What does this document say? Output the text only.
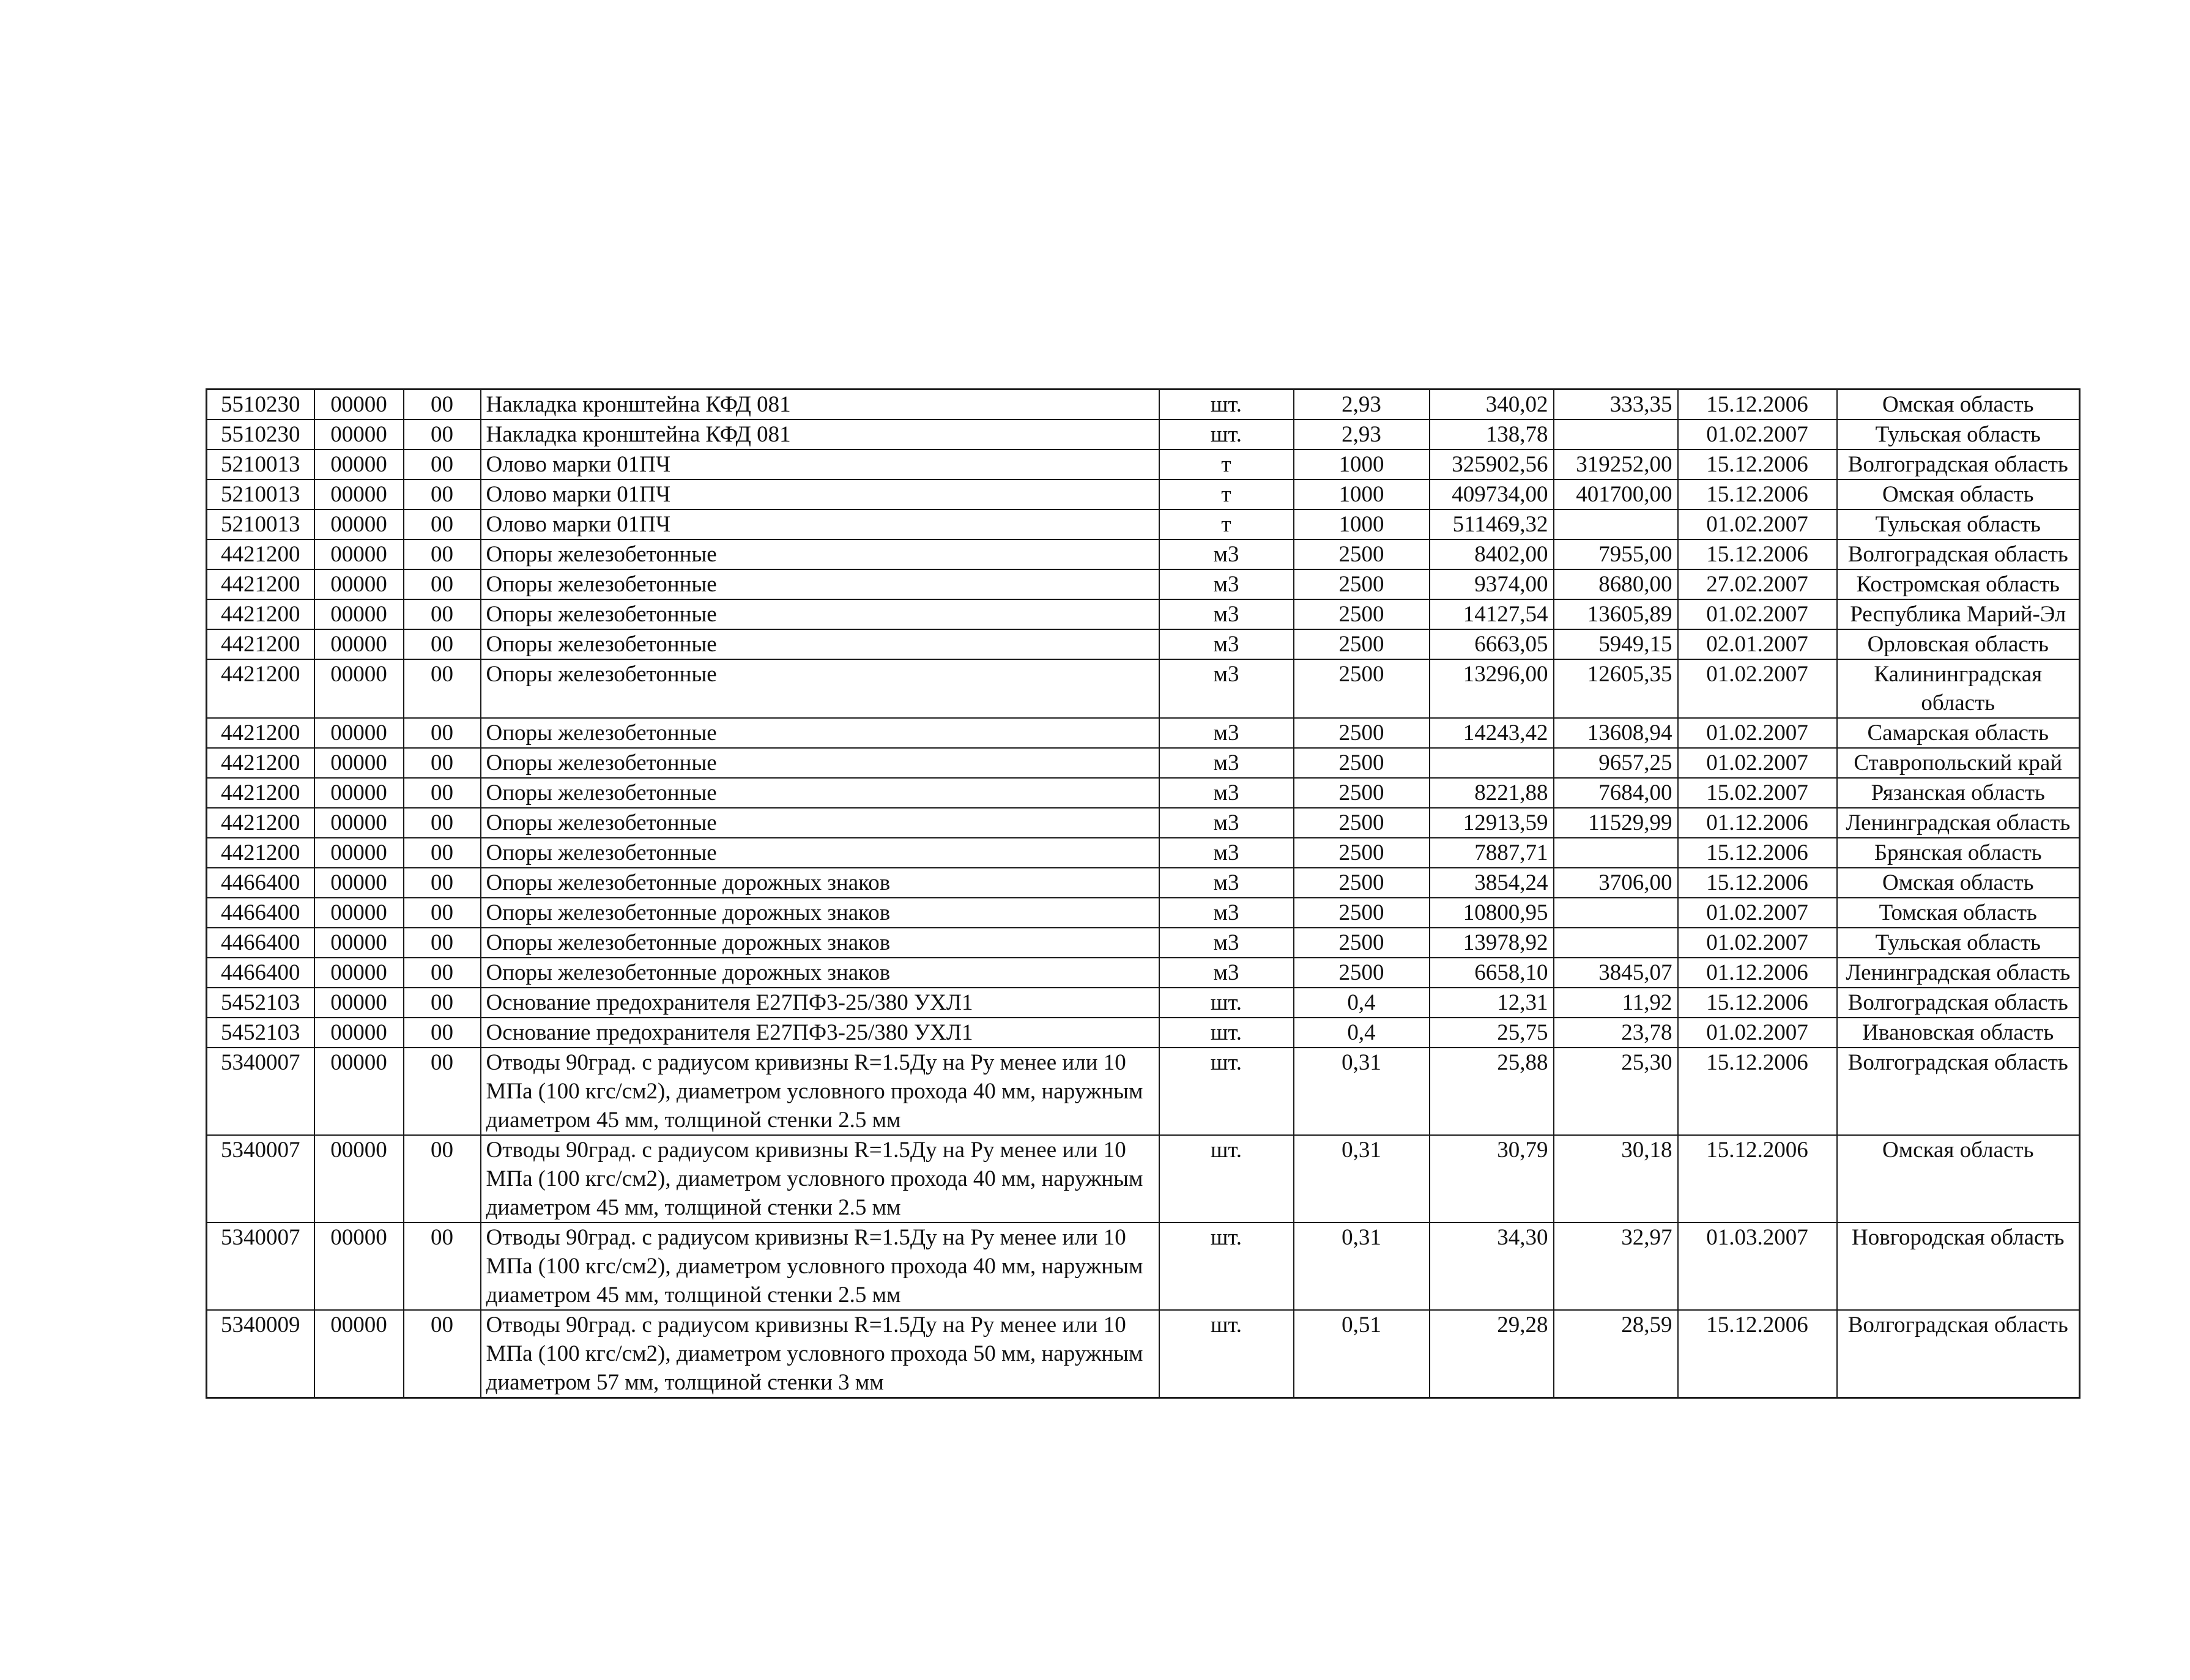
5510230	00000	00	Накладка кронштейна КФД 081	шт.	2,93	340,02	333,35	15.12.2006	Омская область
5510230	00000	00	Накладка кронштейна КФД 081	шт.	2,93	138,78		01.02.2007	Тульская область
5210013	00000	00	Олово марки 01ПЧ	т	1000	325902,56	319252,00	15.12.2006	Волгоградская область
5210013	00000	00	Олово марки 01ПЧ	т	1000	409734,00	401700,00	15.12.2006	Омская область
5210013	00000	00	Олово марки 01ПЧ	т	1000	511469,32		01.02.2007	Тульская область
4421200	00000	00	Опоры железобетонные	м3	2500	8402,00	7955,00	15.12.2006	Волгоградская область
4421200	00000	00	Опоры железобетонные	м3	2500	9374,00	8680,00	27.02.2007	Костромская область
4421200	00000	00	Опоры железобетонные	м3	2500	14127,54	13605,89	01.02.2007	Республика Марий-Эл
4421200	00000	00	Опоры железобетонные	м3	2500	6663,05	5949,15	02.01.2007	Орловская область
4421200	00000	00	Опоры железобетонные	м3	2500	13296,00	12605,35	01.02.2007	Калининградская область
4421200	00000	00	Опоры железобетонные	м3	2500	14243,42	13608,94	01.02.2007	Самарская область
4421200	00000	00	Опоры железобетонные	м3	2500		9657,25	01.02.2007	Ставропольский край
4421200	00000	00	Опоры железобетонные	м3	2500	8221,88	7684,00	15.02.2007	Рязанская область
4421200	00000	00	Опоры железобетонные	м3	2500	12913,59	11529,99	01.12.2006	Ленинградская область
4421200	00000	00	Опоры железобетонные	м3	2500	7887,71		15.12.2006	Брянская область
4466400	00000	00	Опоры железобетонные дорожных знаков	м3	2500	3854,24	3706,00	15.12.2006	Омская область
4466400	00000	00	Опоры железобетонные дорожных знаков	м3	2500	10800,95		01.02.2007	Томская область
4466400	00000	00	Опоры железобетонные дорожных знаков	м3	2500	13978,92		01.02.2007	Тульская область
4466400	00000	00	Опоры железобетонные дорожных знаков	м3	2500	6658,10	3845,07	01.12.2006	Ленинградская область
5452103	00000	00	Основание предохранителя Е27ПФ3-25/380 УХЛ1	шт.	0,4	12,31	11,92	15.12.2006	Волгоградская область
5452103	00000	00	Основание предохранителя Е27ПФ3-25/380 УХЛ1	шт.	0,4	25,75	23,78	01.02.2007	Ивановская область
5340007	00000	00	Отводы 90град. с радиусом кривизны R=1.5Ду на Ру менее или 10 МПа (100 кгс/см2), диаметром условного прохода 40 мм, наружным диаметром 45 мм, толщиной стенки 2.5 мм	шт.	0,31	25,88	25,30	15.12.2006	Волгоградская область
5340007	00000	00	Отводы 90град. с радиусом кривизны R=1.5Ду на Ру менее или 10 МПа (100 кгс/см2), диаметром условного прохода 40 мм, наружным диаметром 45 мм, толщиной стенки 2.5 мм	шт.	0,31	30,79	30,18	15.12.2006	Омская область
5340007	00000	00	Отводы 90град. с радиусом кривизны R=1.5Ду на Ру менее или 10 МПа (100 кгс/см2), диаметром условного прохода 40 мм, наружным диаметром 45 мм, толщиной стенки 2.5 мм	шт.	0,31	34,30	32,97	01.03.2007	Новгородская область
5340009	00000	00	Отводы 90град. с радиусом кривизны R=1.5Ду на Ру менее или 10 МПа (100 кгс/см2), диаметром условного прохода 50 мм, наружным диаметром 57 мм, толщиной стенки 3 мм	шт.	0,51	29,28	28,59	15.12.2006	Волгоградская область
